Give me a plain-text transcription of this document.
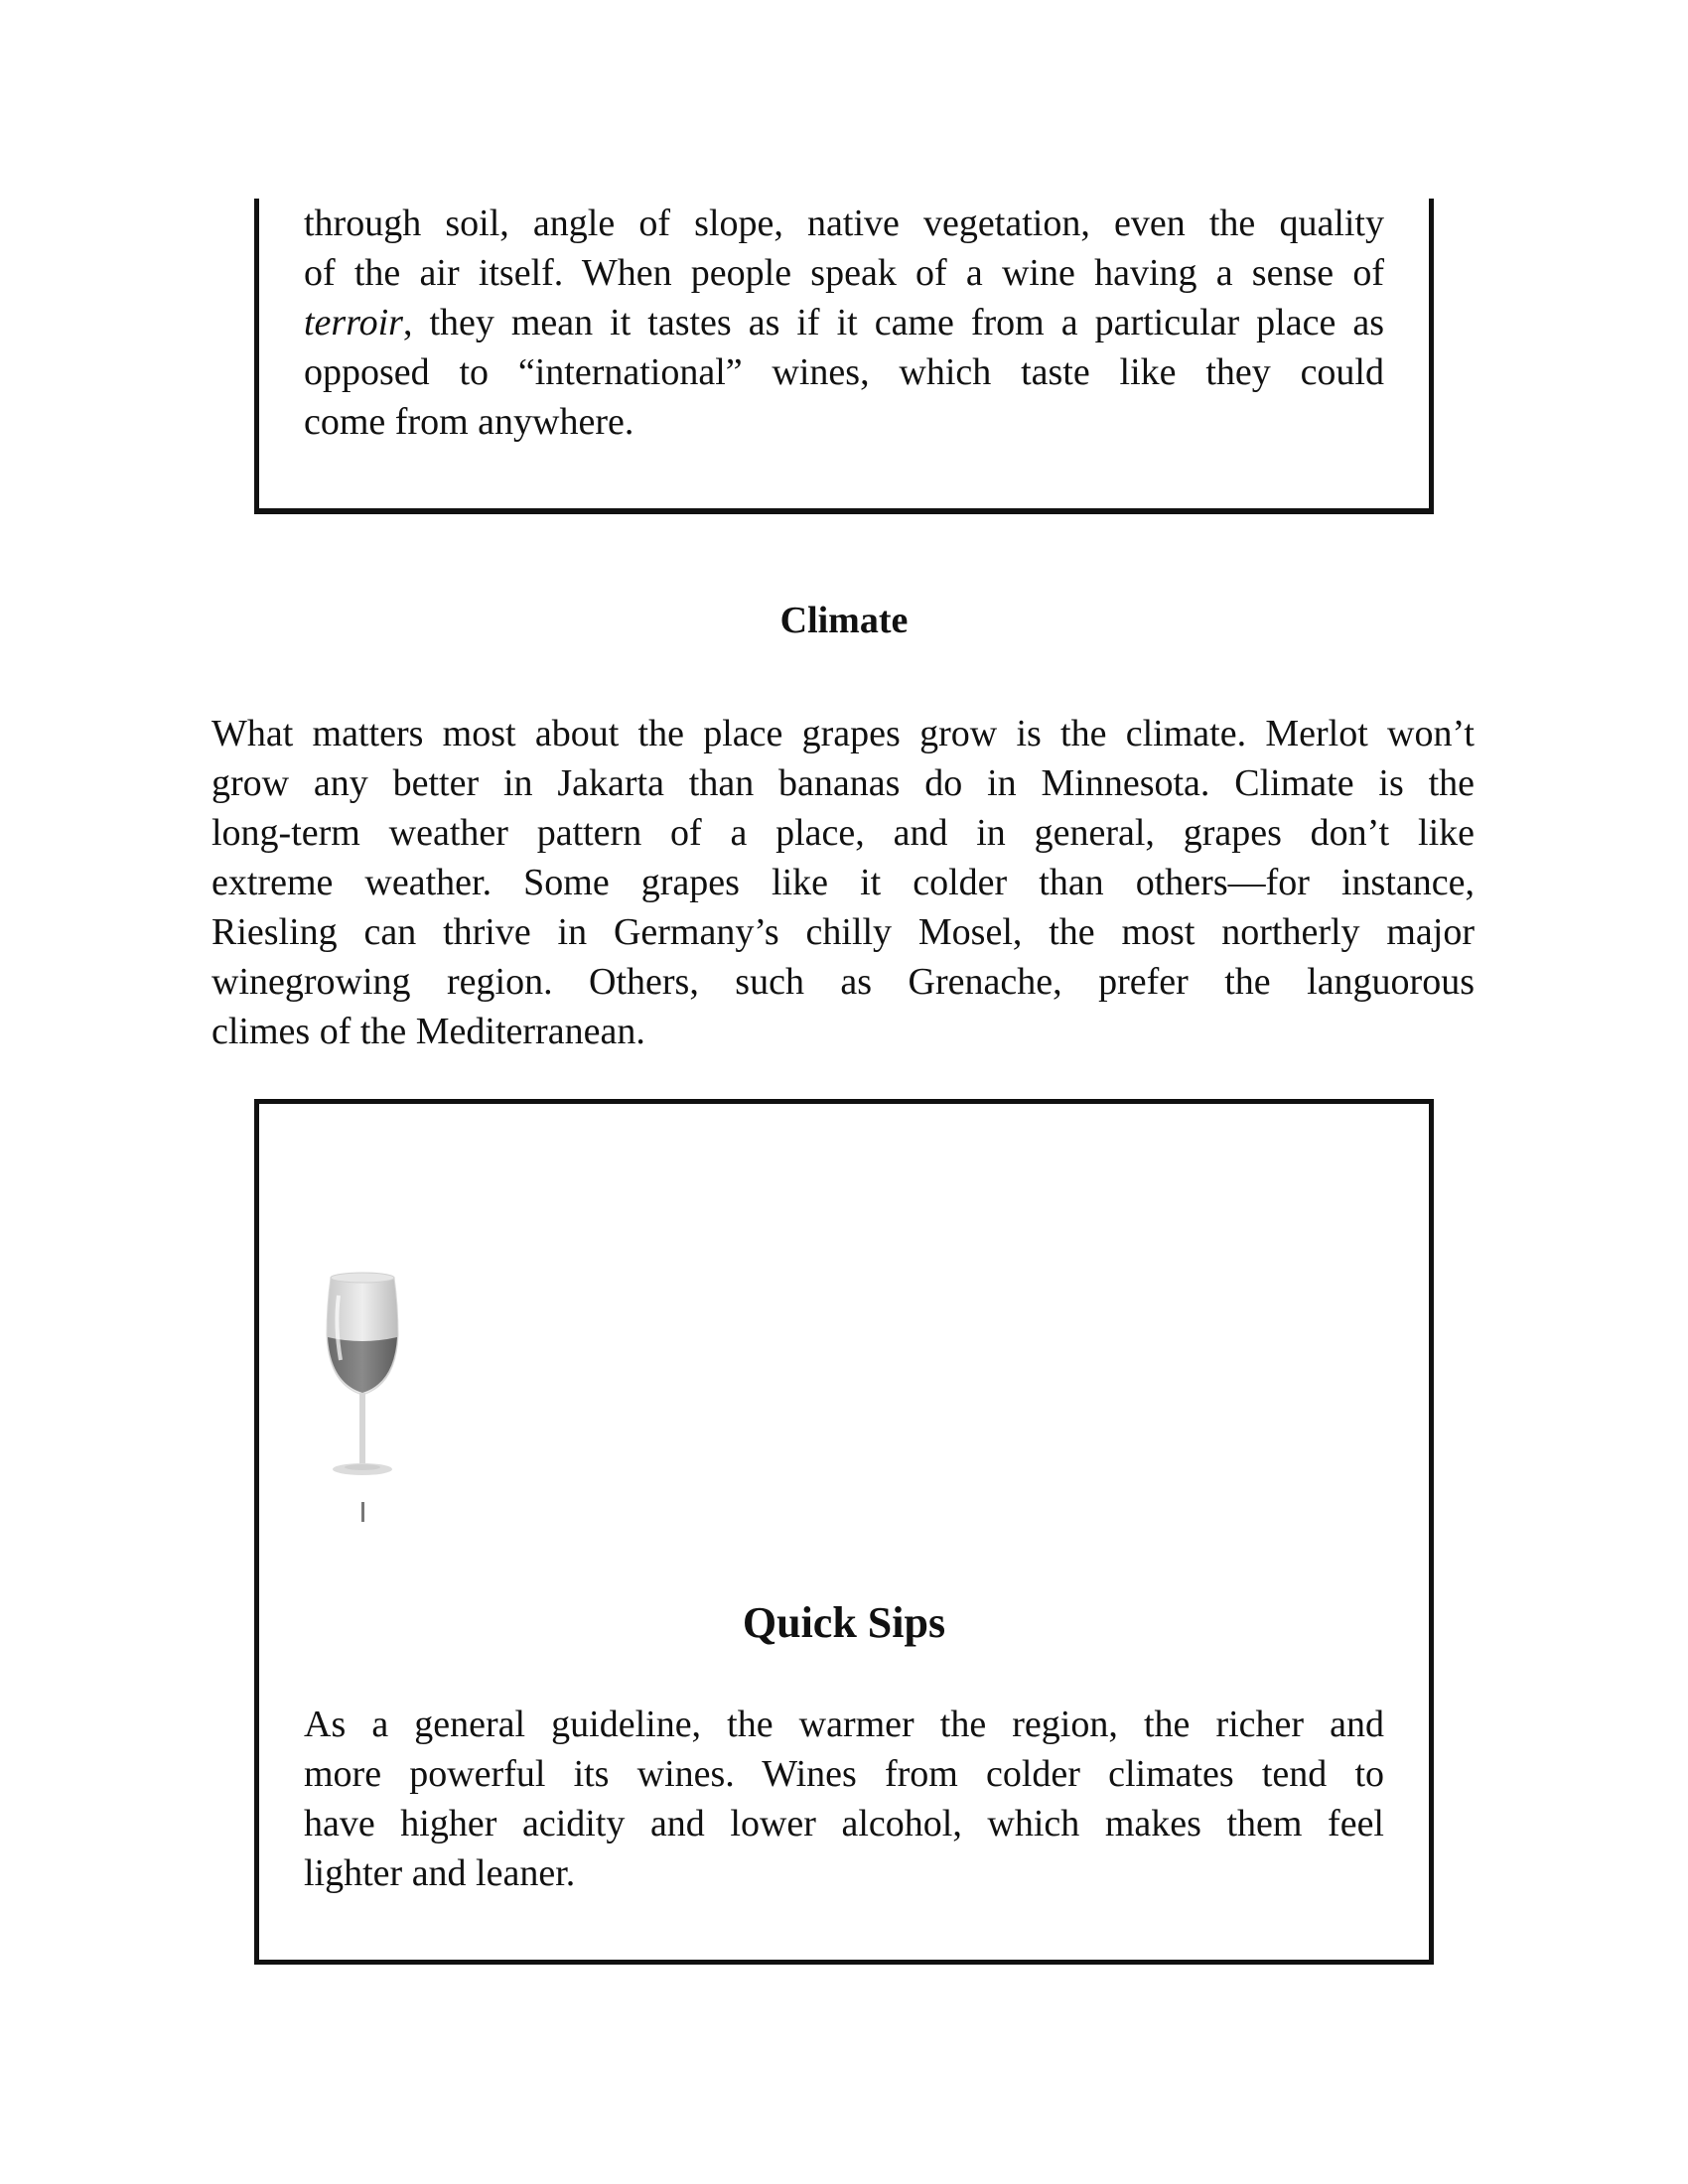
through soil, angle of slope, native vegetation, even the quality
of the air itself. When people speak of a wine having a sense of
terroir, they mean it tastes as if it came from a particular place as
opposed to “international” wines, which taste like they could
come from anywhere.
Climate
What matters most about the place grapes grow is the climate. Merlot won’t
grow any better in Jakarta than bananas do in Minnesota. Climate is the
long-term weather pattern of a place, and in general, grapes don’t like
extreme weather. Some grapes like it colder than others—for instance,
Riesling can thrive in Germany’s chilly Mosel, the most northerly major
winegrowing region. Others, such as Grenache, prefer the languorous
climes of the Mediterranean.
Quick Sips
As a general guideline, the warmer the region, the richer and
more powerful its wines. Wines from colder climates tend to
have higher acidity and lower alcohol, which makes them feel
lighter and leaner.
